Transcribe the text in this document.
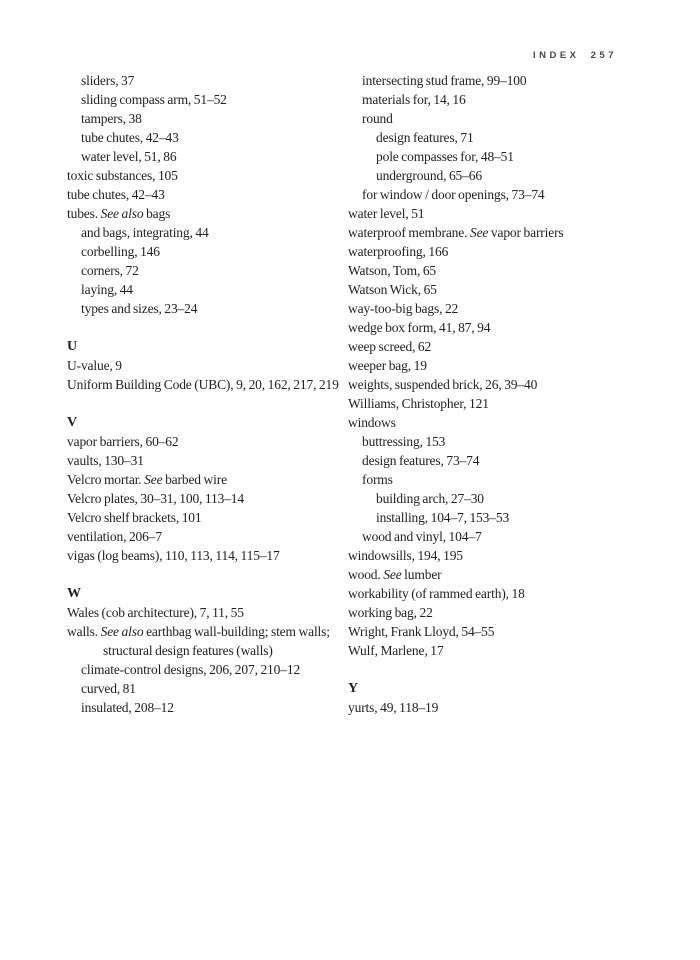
INDEX 257
sliders, 37
sliding compass arm, 51–52
tampers, 38
tube chutes, 42–43
water level, 51, 86
toxic substances, 105
tube chutes, 42–43
tubes. See also bags
and bags, integrating, 44
corbelling, 146
corners, 72
laying, 44
types and sizes, 23–24
U
U-value, 9
Uniform Building Code (UBC), 9, 20, 162, 217, 219
V
vapor barriers, 60–62
vaults, 130–31
Velcro mortar. See barbed wire
Velcro plates, 30–31, 100, 113–14
Velcro shelf brackets, 101
ventilation, 206–7
vigas (log beams), 110, 113, 114, 115–17
W
Wales (cob architecture), 7, 11, 55
walls. See also earthbag wall-building; stem walls;
structural design features (walls)
climate-control designs, 206, 207, 210–12
curved, 81
insulated, 208–12
intersecting stud frame, 99–100
materials for, 14, 16
round
design features, 71
pole compasses for, 48–51
underground, 65–66
for window / door openings, 73–74
water level, 51
waterproof membrane. See vapor barriers
waterproofing, 166
Watson, Tom, 65
Watson Wick, 65
way-too-big bags, 22
wedge box form, 41, 87, 94
weep screed, 62
weeper bag, 19
weights, suspended brick, 26, 39–40
Williams, Christopher, 121
windows
buttressing, 153
design features, 73–74
forms
building arch, 27–30
installing, 104–7, 153–53
wood and vinyl, 104–7
windowsills, 194, 195
wood. See lumber
workability (of rammed earth), 18
working bag, 22
Wright, Frank Lloyd, 54–55
Wulf, Marlene, 17
Y
yurts, 49, 118–19
